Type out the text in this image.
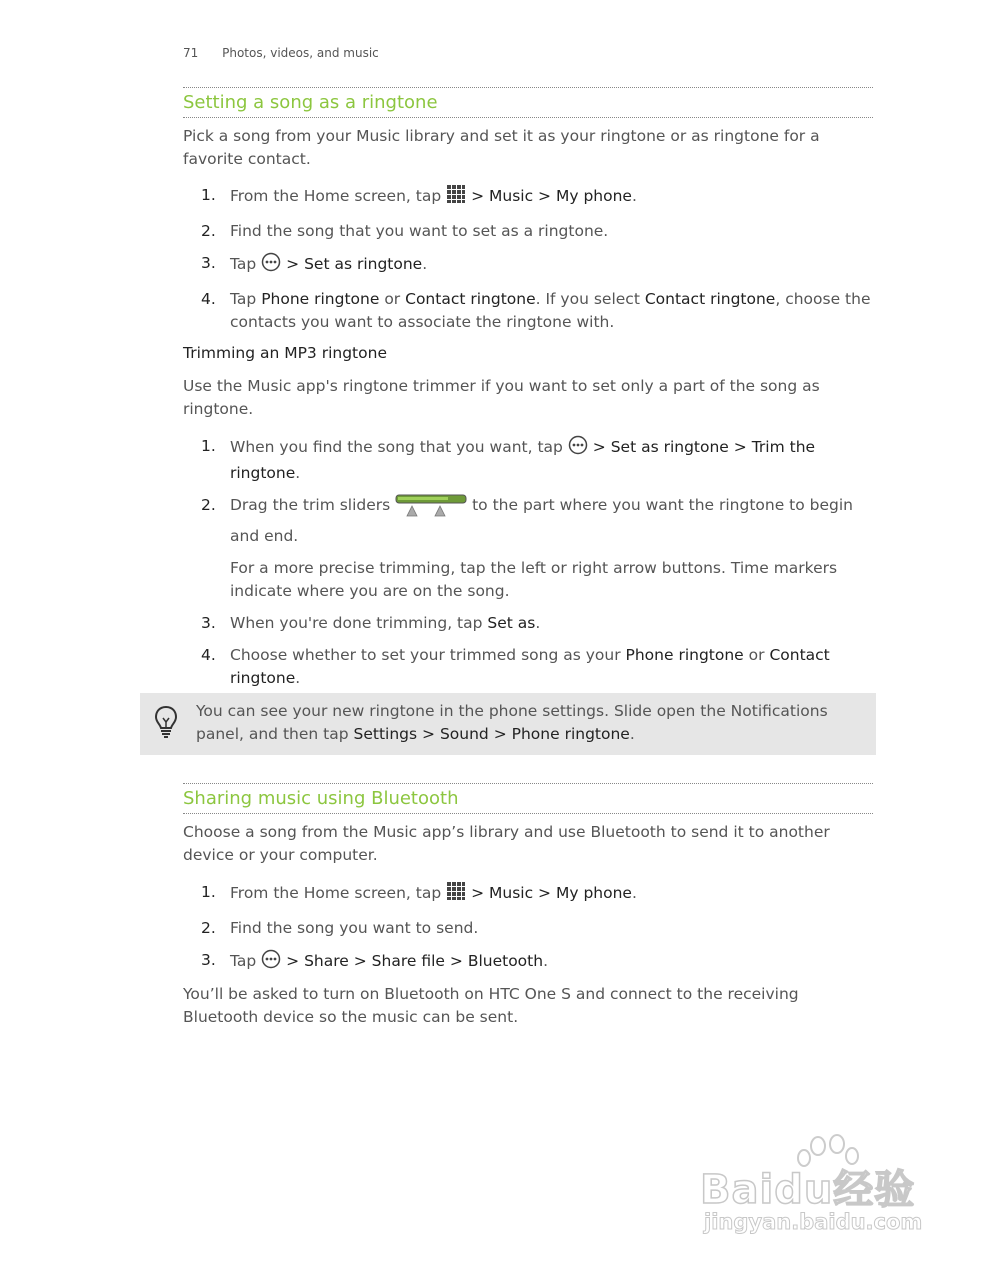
71 Photos, videos, and music
Setting a song as a ringtone

Pick a song from your Music library and set it as your ringtone or as ringtone for a favorite contact.

1. From the Home screen, tap > Music > My phone.
2. Find the song that you want to set as a ringtone.
3. Tap > Set as ringtone.
4. Tap Phone ringtone or Contact ringtone. If you select Contact ringtone, choose the contacts you want to associate the ringtone with.

Trimming an MP3 ringtone

Use the Music app's ringtone trimmer if you want to set only a part of the song as ringtone.

1. When you find the song that you want, tap > Set as ringtone > Trim the ringtone.
2. Drag the trim sliders	to the part where you want the ringtone to begin and end.
For a more precise trimming, tap the left or right arrow buttons. Time markers indicate where you are on the song.
3. When you're done trimming, tap Set as.
4. Choose whether to set your trimmed song as your Phone ringtone or Contact ringtone.
You can see your new ringtone in the phone settings. Slide open the Notifications panel, and then tap Settings > Sound > Phone ringtone.
Sharing music using Bluetooth

Choose a song from the Music app’s library and use Bluetooth to send it to another device or your computer.

1. From the Home screen, tap > Music > My phone.
2. Find the song you want to send.
3. Tap > Share > Share file > Bluetooth.

You’ll be asked to turn on Bluetooth on HTC One S and connect to the receiving Bluetooth device so the music can be sent.

Baidu经验
jingyan.baidu.com
